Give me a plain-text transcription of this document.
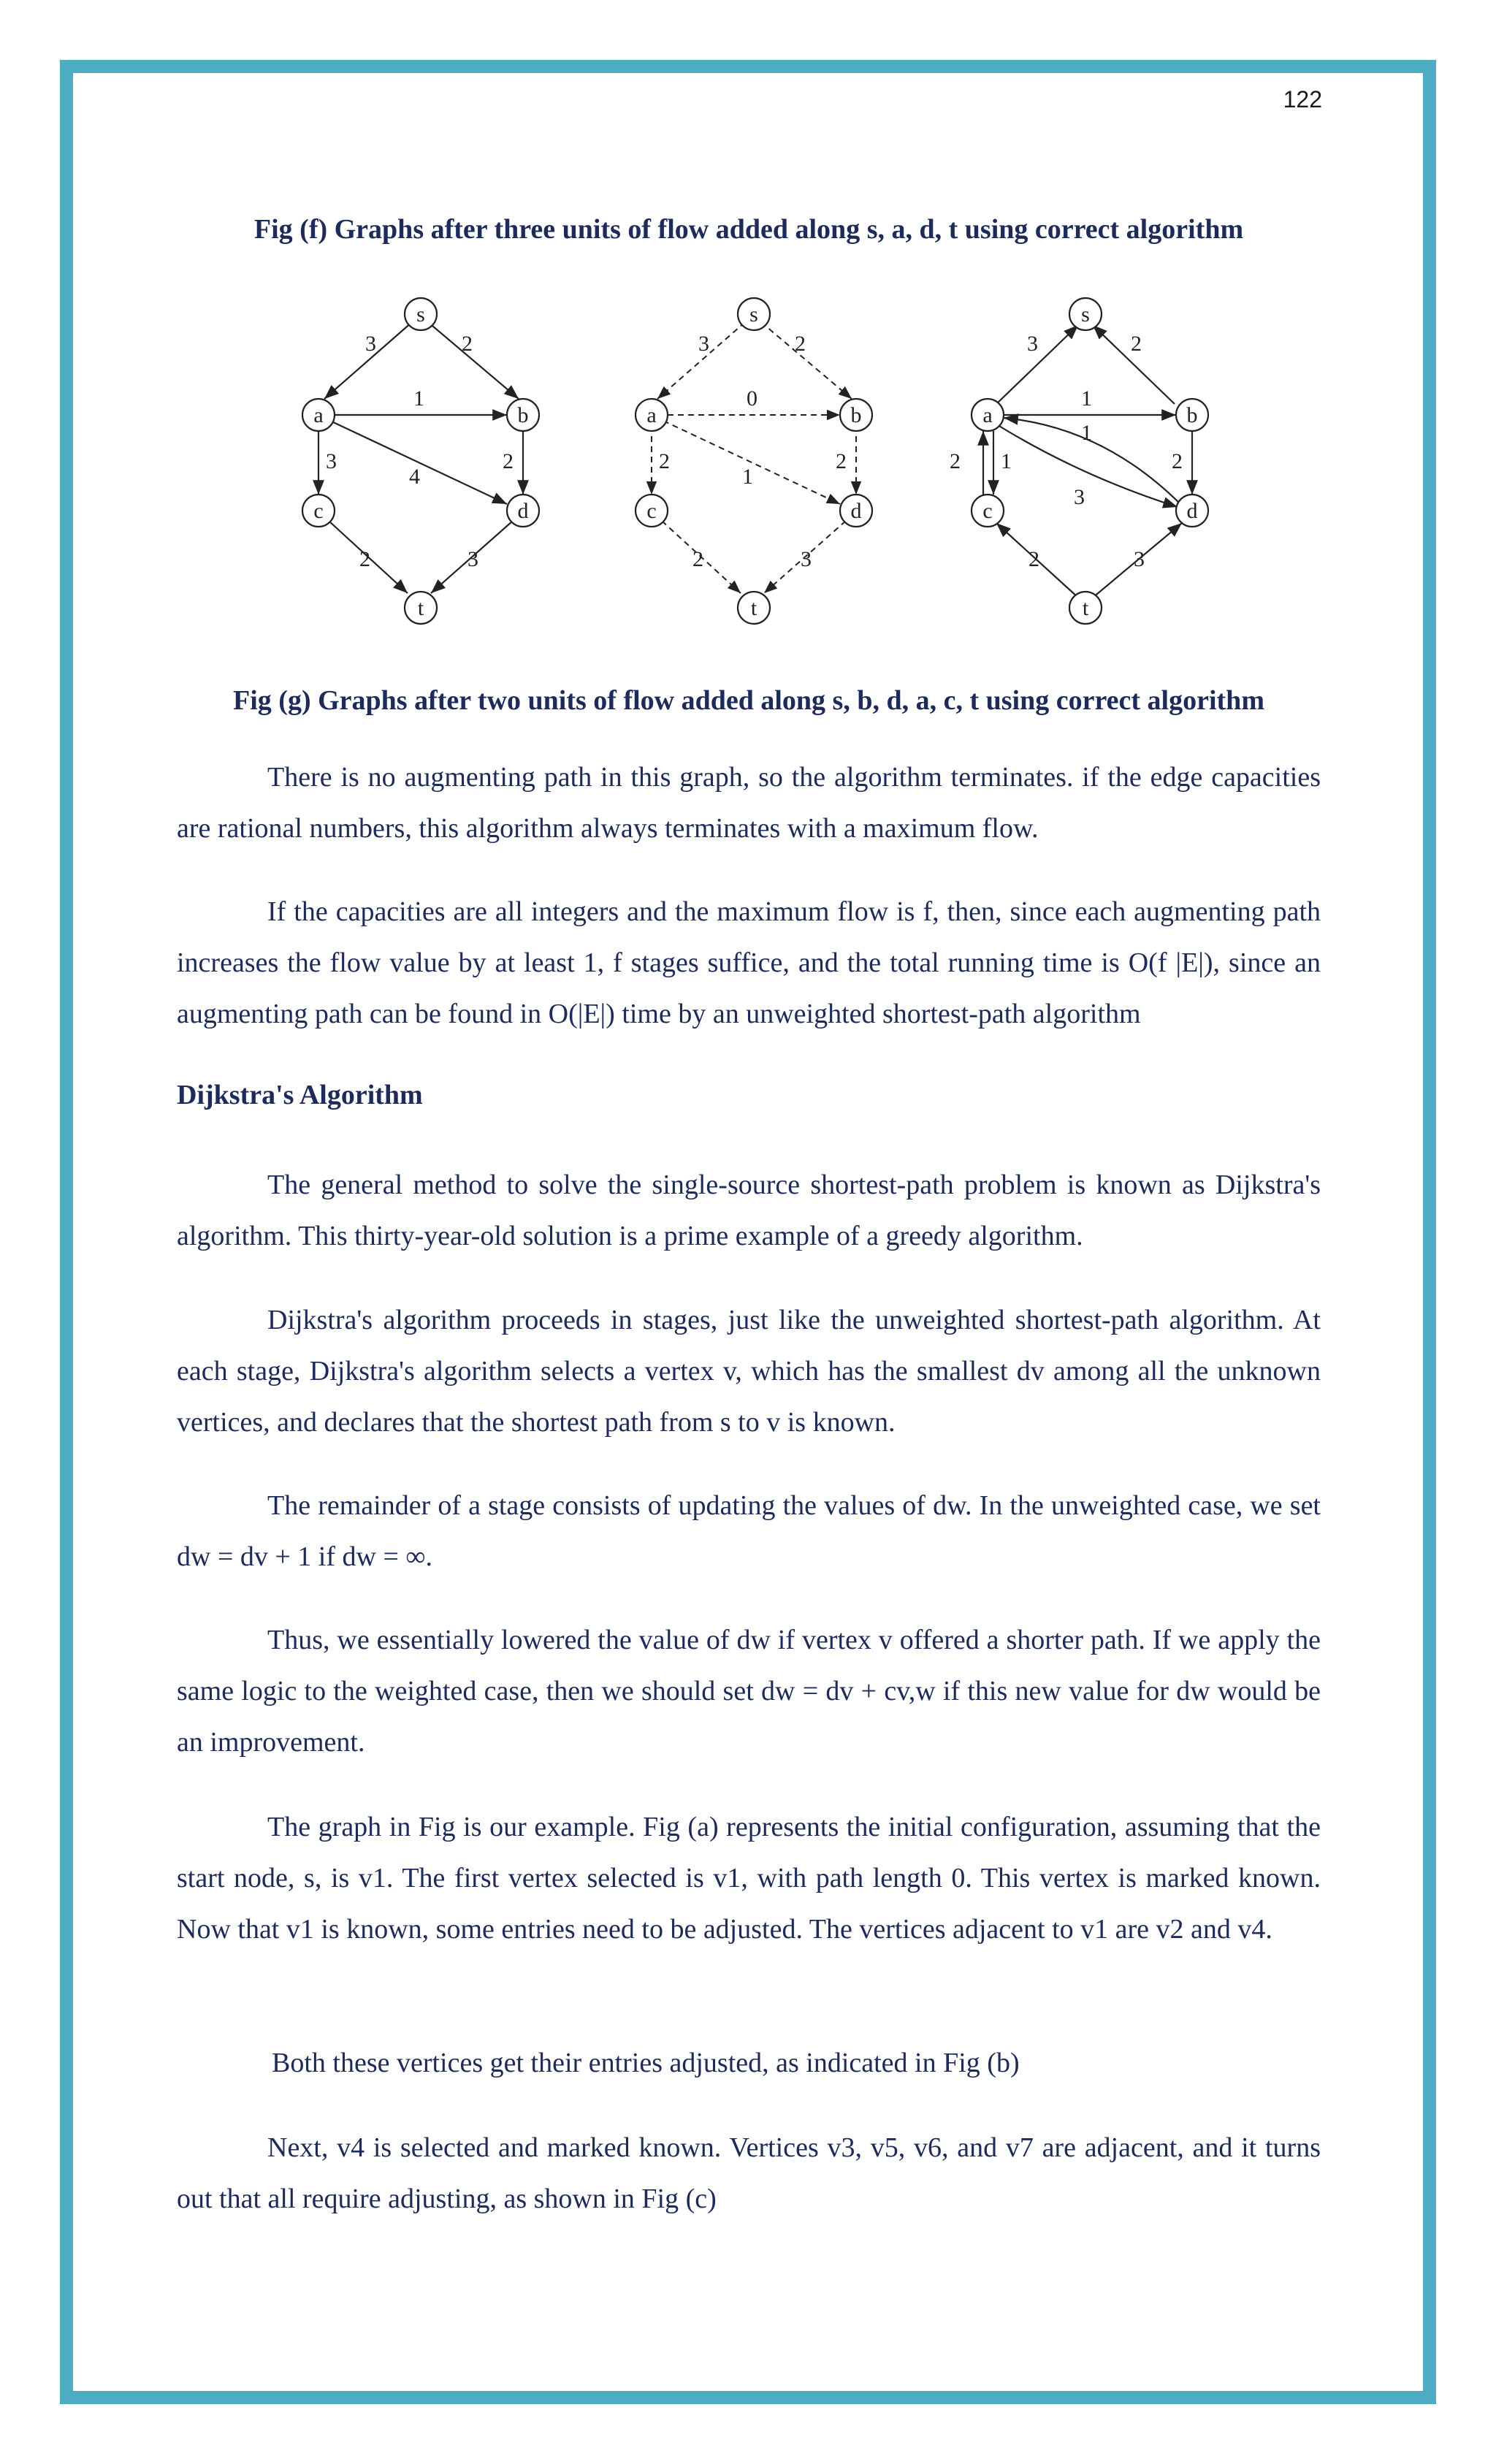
122
Fig (f) Graphs after three units of flow added along s, a, d, t using correct algorithm
s
a	b
c	d
t
3	2
1
3
4
2
2	3
s
a	b
c	d
t
3	2
0
2
1
2
2	3
s
a	b
c	d
t
3	2
1
2 1
1
3
2
2	3
Fig (g) Graphs after two units of flow added along s, b, d, a, c, t using correct algorithm

There is no augmenting path in this graph, so the algorithm terminates. if the edge capacities are rational numbers, this algorithm always terminates with a maximum flow.

If the capacities are all integers and the maximum flow is f, then, since each augmenting path increases the flow value by at least 1, f stages suffice, and the total running time is O(f |E|), since an augmenting path can be found in O(|E|) time by an unweighted shortest-path algorithm

Dijkstra's Algorithm

The general method to solve the single-source shortest-path problem is known as Dijkstra's algorithm. This thirty-year-old solution is a prime example of a greedy algorithm.

Dijkstra's algorithm proceeds in stages, just like the unweighted shortest-path algorithm. At each stage, Dijkstra's algorithm selects a vertex v, which has the smallest dv among all the unknown vertices, and declares that the shortest path from s to v is known.

The remainder of a stage consists of updating the values of dw. In the unweighted case, we set dw = dv + 1 if dw = ∞.

Thus, we essentially lowered the value of dw if vertex v offered a shorter path. If we apply the same logic to the weighted case, then we should set dw = dv + cv,w if this new value for dw would be an improvement.

The graph in Fig is our example. Fig (a) represents the initial configuration, assuming that the start node, s, is v1. The first vertex selected is v1, with path length 0. This vertex is marked known. Now that v1 is known, some entries need to be adjusted. The vertices adjacent to v1 are v2 and v4.

Both these vertices get their entries adjusted, as indicated in Fig (b)

Next, v4 is selected and marked known. Vertices v3, v5, v6, and v7 are adjacent, and it turns out that all require adjusting, as shown in Fig (c)
